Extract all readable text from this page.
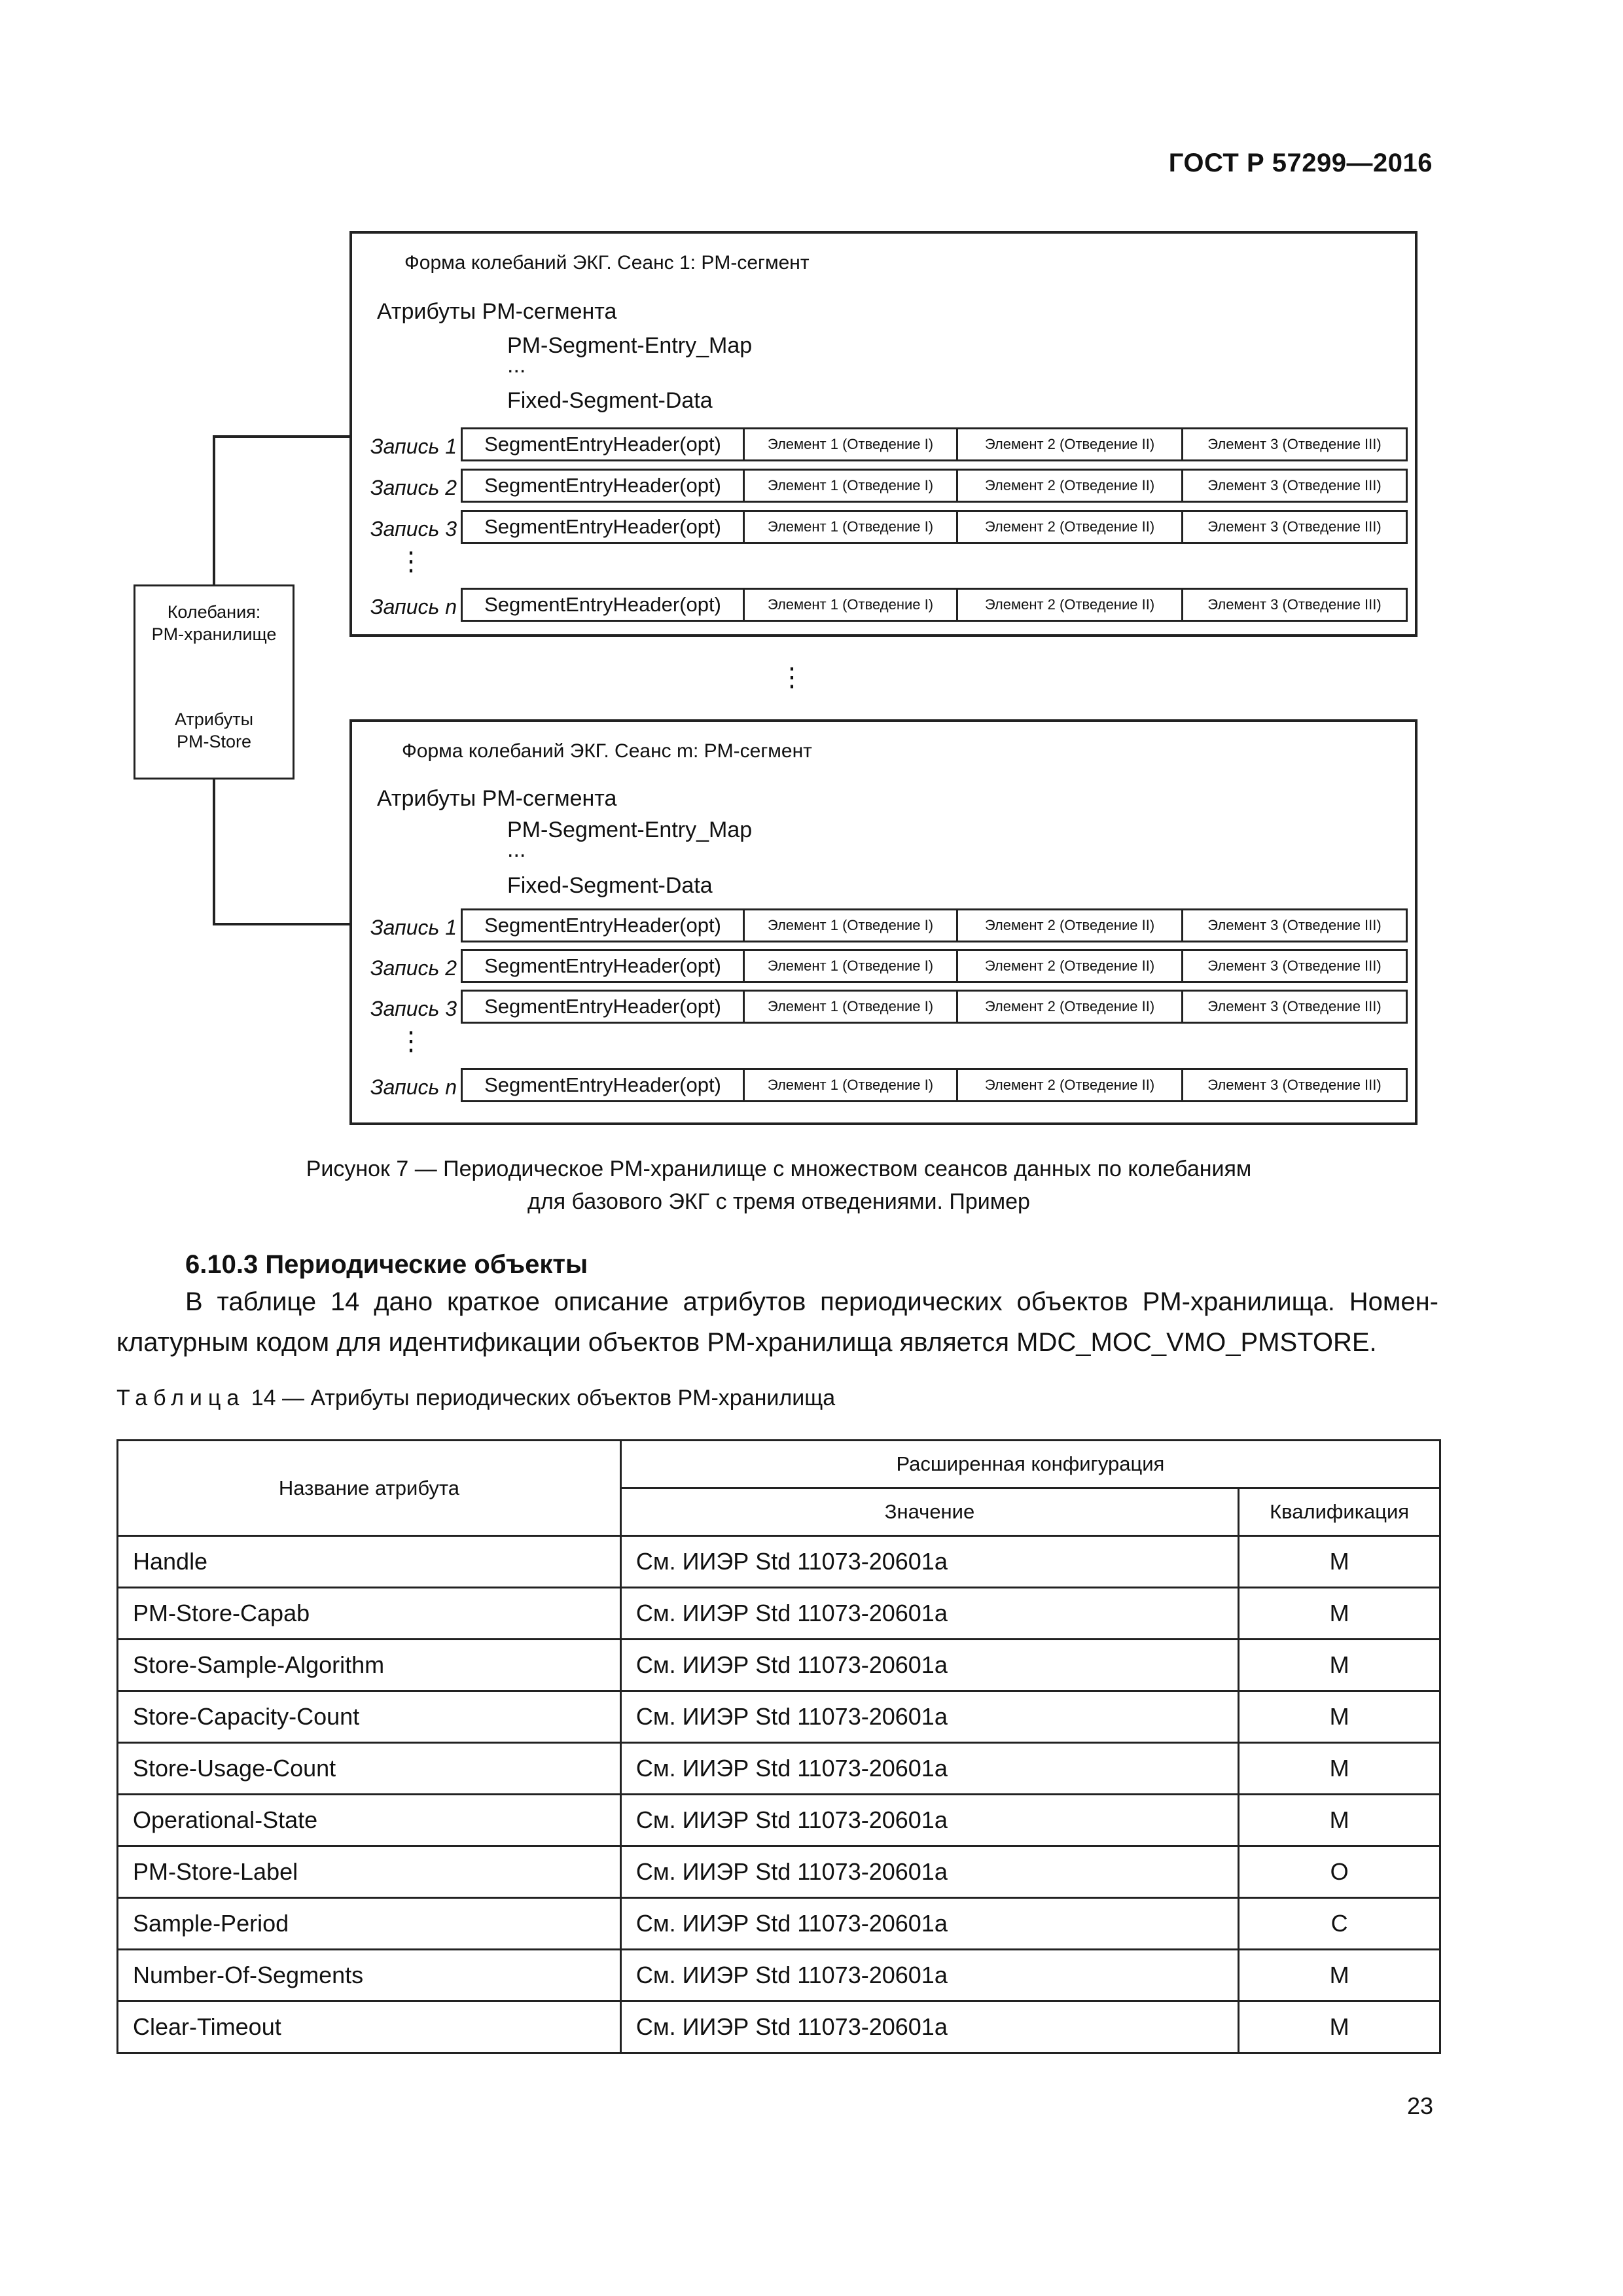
ГОСТ Р 57299—2016
Колебания:
PM-хранилище
Атрибуты
PM-Store
Форма колебаний ЭКГ. Сеанс 1: PM-сегмент
Атрибуты PM-сегмента
PM-Segment-Entry_Map
...
Fixed-Segment-Data
Запись 1	SegmentEntryHeader(opt)	Элемент 1 (Отведение I)	Элемент 2 (Отведение II)	Элемент 3 (Отведение III)
Запись 2	SegmentEntryHeader(opt)	Элемент 1 (Отведение I)	Элемент 2 (Отведение II)	Элемент 3 (Отведение III)
Запись 3	SegmentEntryHeader(opt)	Элемент 1 (Отведение I)	Элемент 2 (Отведение II)	Элемент 3 (Отведение III)
⋮
Запись n	SegmentEntryHeader(opt)	Элемент 1 (Отведение I)	Элемент 2 (Отведение II)	Элемент 3 (Отведение III)
⋮
Форма колебаний ЭКГ. Сеанс m: PM-сегмент
Атрибуты PM-сегмента
PM-Segment-Entry_Map
...
Fixed-Segment-Data
Запись 1	SegmentEntryHeader(opt)	Элемент 1 (Отведение I)	Элемент 2 (Отведение II)	Элемент 3 (Отведение III)
Запись 2	SegmentEntryHeader(opt)	Элемент 1 (Отведение I)	Элемент 2 (Отведение II)	Элемент 3 (Отведение III)
Запись 3	SegmentEntryHeader(opt)	Элемент 1 (Отведение I)	Элемент 2 (Отведение II)	Элемент 3 (Отведение III)
⋮
Запись n	SegmentEntryHeader(opt)	Элемент 1 (Отведение I)	Элемент 2 (Отведение II)	Элемент 3 (Отведение III)
Рисунок 7 — Периодическое PM-хранилище с множеством сеансов данных по колебаниям
для базового ЭКГ с тремя отведениями. Пример
6.10.3 Периодические объекты
В таблице 14 дано краткое описание атрибутов периодических объектов PM-хранилища. Номен-
клатурным кодом для идентификации объектов PM-хранилища является MDC_MOC_VMO_PMSTORE.
Таблица 14 — Атрибуты периодических объектов PM-хранилища
Название атрибута	Расширенная конфигурация	
	Значение	Квалификация
Handle	См. ИИЭР Std 11073-20601a	M
PM-Store-Capab	См. ИИЭР Std 11073-20601a	M
Store-Sample-Algorithm	См. ИИЭР Std 11073-20601a	M
Store-Capacity-Count	См. ИИЭР Std 11073-20601a	M
Store-Usage-Count	См. ИИЭР Std 11073-20601a	M
Operational-State	См. ИИЭР Std 11073-20601a	M
PM-Store-Label	См. ИИЭР Std 11073-20601a	O
Sample-Period	См. ИИЭР Std 11073-20601a	C
Number-Of-Segments	См. ИИЭР Std 11073-20601a	M
Clear-Timeout	См. ИИЭР Std 11073-20601a	M
23
